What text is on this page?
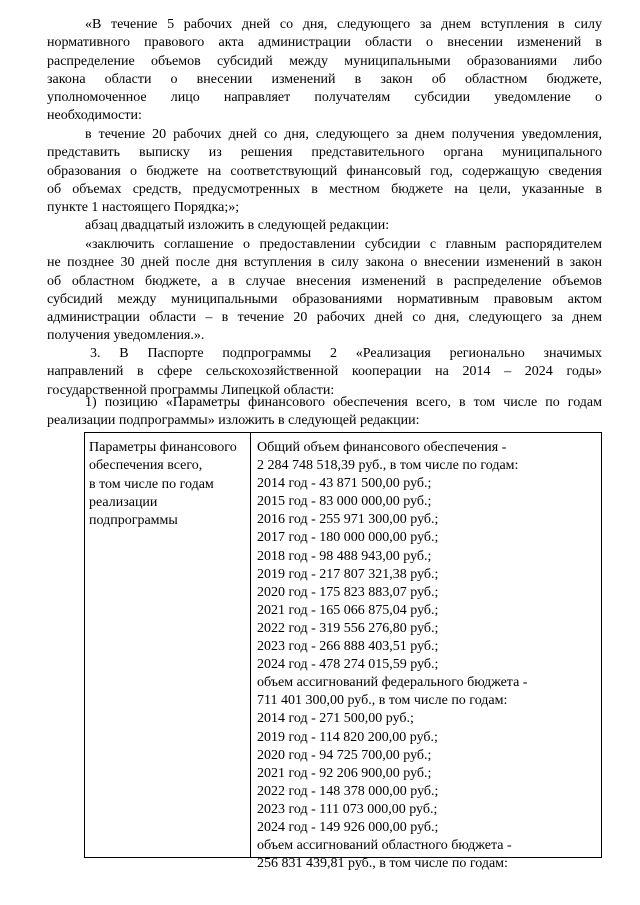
«В течение 5 рабочих дней со дня, следующего за днем вступления в силу
нормативного правового акта администрации области о внесении изменений в
распределение объемов субсидий между муниципальными образованиями либо
закона области о внесении изменений в закон об областном бюджете,
уполномоченное лицо направляет получателям субсидии уведомление о
необходимости:
в течение 20 рабочих дней со дня, следующего за днем получения уведомления,
представить выписку из решения представительного органа муниципального
образования о бюджете на соответствующий финансовый год, содержащую сведения
об объемах средств, предусмотренных в местном бюджете на цели, указанные в
пункте 1 настоящего Порядка;»;
абзац двадцатый изложить в следующей редакции:
«заключить соглашение о предоставлении субсидии с главным распорядителем
не позднее 30 дней после дня вступления в силу закона о внесении изменений в закон
об областном бюджете, а в случае внесения изменений в распределение объемов
субсидий между муниципальными образованиями нормативным правовым актом
администрации области – в течение 20 рабочих дней со дня, следующего за днем
получения уведомления.».
3. В Паспорте подпрограммы 2 «Реализация регионально значимых
направлений в сфере сельскохозяйственной кооперации на 2014 – 2024 годы»
государственной программы Липецкой области:
1) позицию «Параметры финансового обеспечения всего, в том числе по годам
реализации подпрограммы» изложить в следующей редакции:
Параметры финансового
обеспечения всего,
в том числе по годам
реализации
подпрограммы
Общий объем финансового обеспечения -
2 284 748 518,39 руб., в том числе по годам:
2014 год - 43 871 500,00 руб.;
2015 год - 83 000 000,00 руб.;
2016 год - 255 971 300,00 руб.;
2017 год - 180 000 000,00 руб.;
2018 год - 98 488 943,00 руб.;
2019 год - 217 807 321,38 руб.;
2020 год - 175 823 883,07 руб.;
2021 год - 165 066 875,04 руб.;
2022 год - 319 556 276,80 руб.;
2023 год - 266 888 403,51 руб.;
2024 год - 478 274 015,59 руб.;
объем ассигнований федерального бюджета -
711 401 300,00 руб., в том числе по годам:
2014 год - 271 500,00 руб.;
2019 год - 114 820 200,00 руб.;
2020 год - 94 725 700,00 руб.;
2021 год - 92 206 900,00 руб.;
2022 год - 148 378 000,00 руб.;
2023 год - 111 073 000,00 руб.;
2024 год - 149 926 000,00 руб.;
объем ассигнований областного бюджета -
256 831 439,81 руб., в том числе по годам:
